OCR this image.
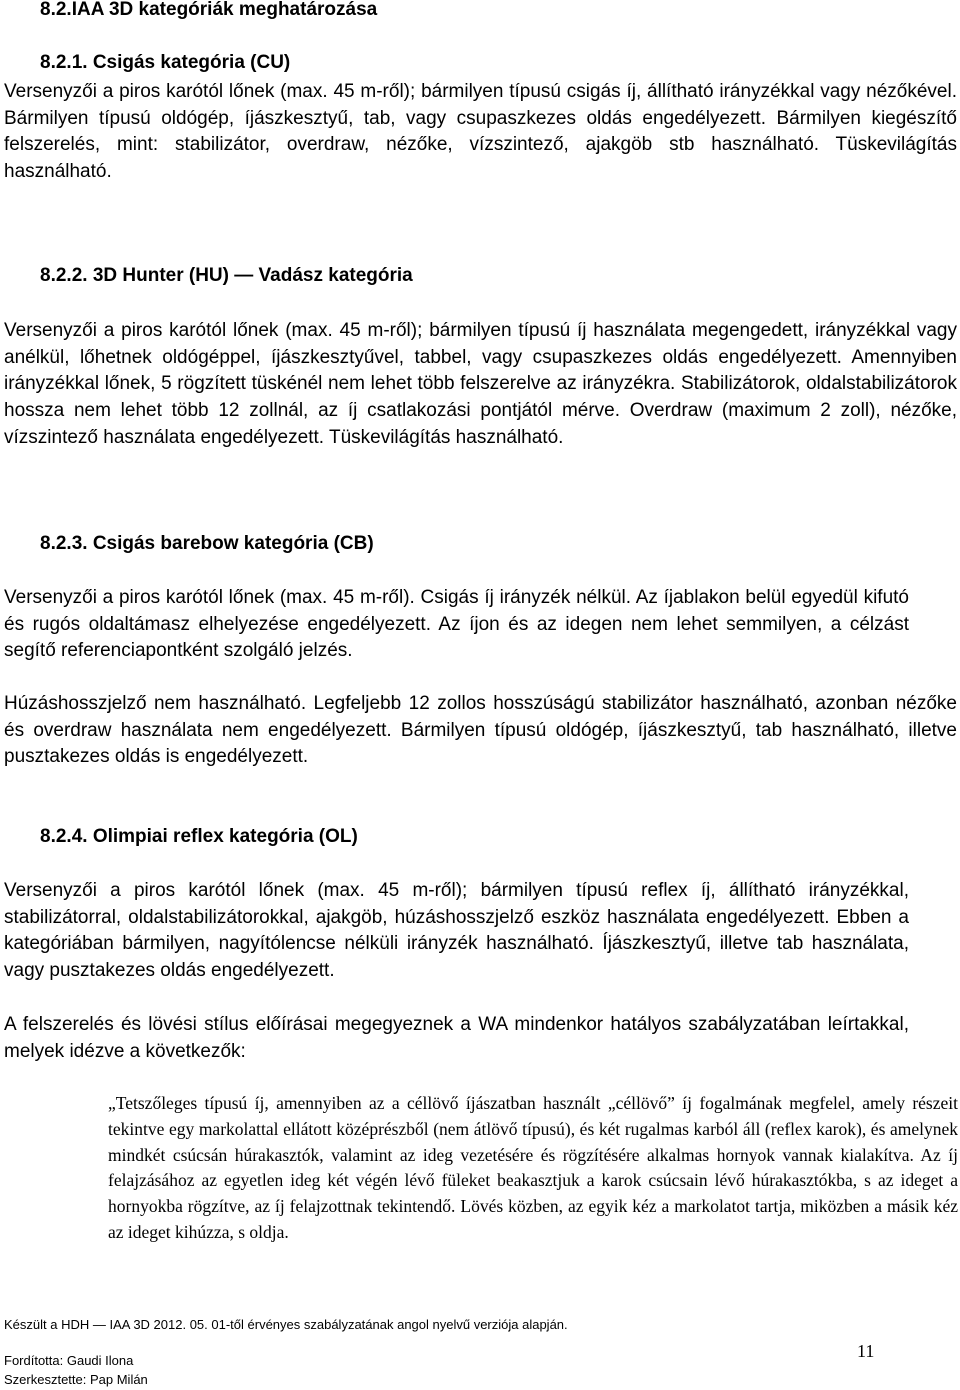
8.2.IAA 3D kategóriák meghatározása
8.2.1. Csigás kategória (CU)
Versenyzői a piros karótól lőnek (max. 45 m-ről); bármilyen típusú csigás íj, állítható irányzékkal vagy nézőkével. Bármilyen típusú oldógép, íjászkesztyű, tab, vagy csupaszkezes oldás engedélyezett. Bármilyen kiegészítő felszerelés, mint: stabilizátor, overdraw, nézőke, vízszintező, ajakgöb stb használható. Tüskevilágítás használható.
8.2.2. 3D Hunter (HU) — Vadász kategória
Versenyzői a piros karótól lőnek (max. 45 m-ről); bármilyen típusú íj használata megengedett, irányzékkal vagy anélkül, lőhetnek oldógéppel, íjászkesztyűvel, tabbel, vagy csupaszkezes oldás engedélyezett. Amennyiben irányzékkal lőnek, 5 rögzített tüskénél nem lehet több felszerelve az irányzékra. Stabilizátorok, oldalstabilizátorok hossza nem lehet több 12 zollnál, az íj csatlakozási pontjától mérve. Overdraw (maximum 2 zoll), nézőke, vízszintező használata engedélyezett. Tüskevilágítás használható.
8.2.3. Csigás barebow kategória (CB)
Versenyzői a piros karótól lőnek (max. 45 m-ről). Csigás íj irányzék nélkül. Az íjablakon belül egyedül kifutó és rugós oldaltámasz elhelyezése engedélyezett. Az íjon és az idegen nem lehet semmilyen, a célzást segítő referenciapontként szolgáló jelzés.
Húzáshosszjelző nem használható. Legfeljebb 12 zollos hosszúságú stabilizátor használható, azonban nézőke és overdraw használata nem engedélyezett. Bármilyen típusú oldógép, íjászkesztyű, tab használható, illetve pusztakezes oldás is engedélyezett.
8.2.4. Olimpiai reflex kategória (OL)
Versenyzői a piros karótól lőnek (max. 45 m-ről); bármilyen típusú reflex íj, állítható irányzékkal, stabilizátorral, oldalstabilizátorokkal, ajakgöb, húzáshosszjelző eszköz használata engedélyezett. Ebben a kategóriában bármilyen, nagyítólencse nélküli irányzék használható. Íjászkesztyű, illetve tab használata, vagy pusztakezes oldás engedélyezett.
A felszerelés és lövési stílus előírásai megegyeznek a WA mindenkor hatályos szabályzatában leírtakkal, melyek idézve a következők:
„Tetszőleges típusú íj, amennyiben az a céllövő íjászatban használt „céllövő” íj fogalmának megfelel, amely részeit tekintve egy markolattal ellátott középrészből (nem átlövő típusú), és két rugalmas karból áll (reflex karok), és amelynek mindkét csúcsán húrakasztók, valamint az ideg vezetésére és rögzítésére alkalmas hornyok vannak kialakítva. Az íj felajzásához az egyetlen ideg két végén lévő füleket beakasztjuk a karok csúcsain lévő húrakasztókba, s az ideget a hornyokba rögzítve, az íj felajzottnak tekintendő. Lövés közben, az egyik kéz a markolatot tartja, miközben a másik kéz az ideget kihúzza, s oldja.
Készült a HDH — IAA 3D 2012. 05. 01-től érvényes szabályzatának angol nyelvű verziója alapján.
11
Fordította: Gaudi Ilona
Szerkesztette: Pap Milán
